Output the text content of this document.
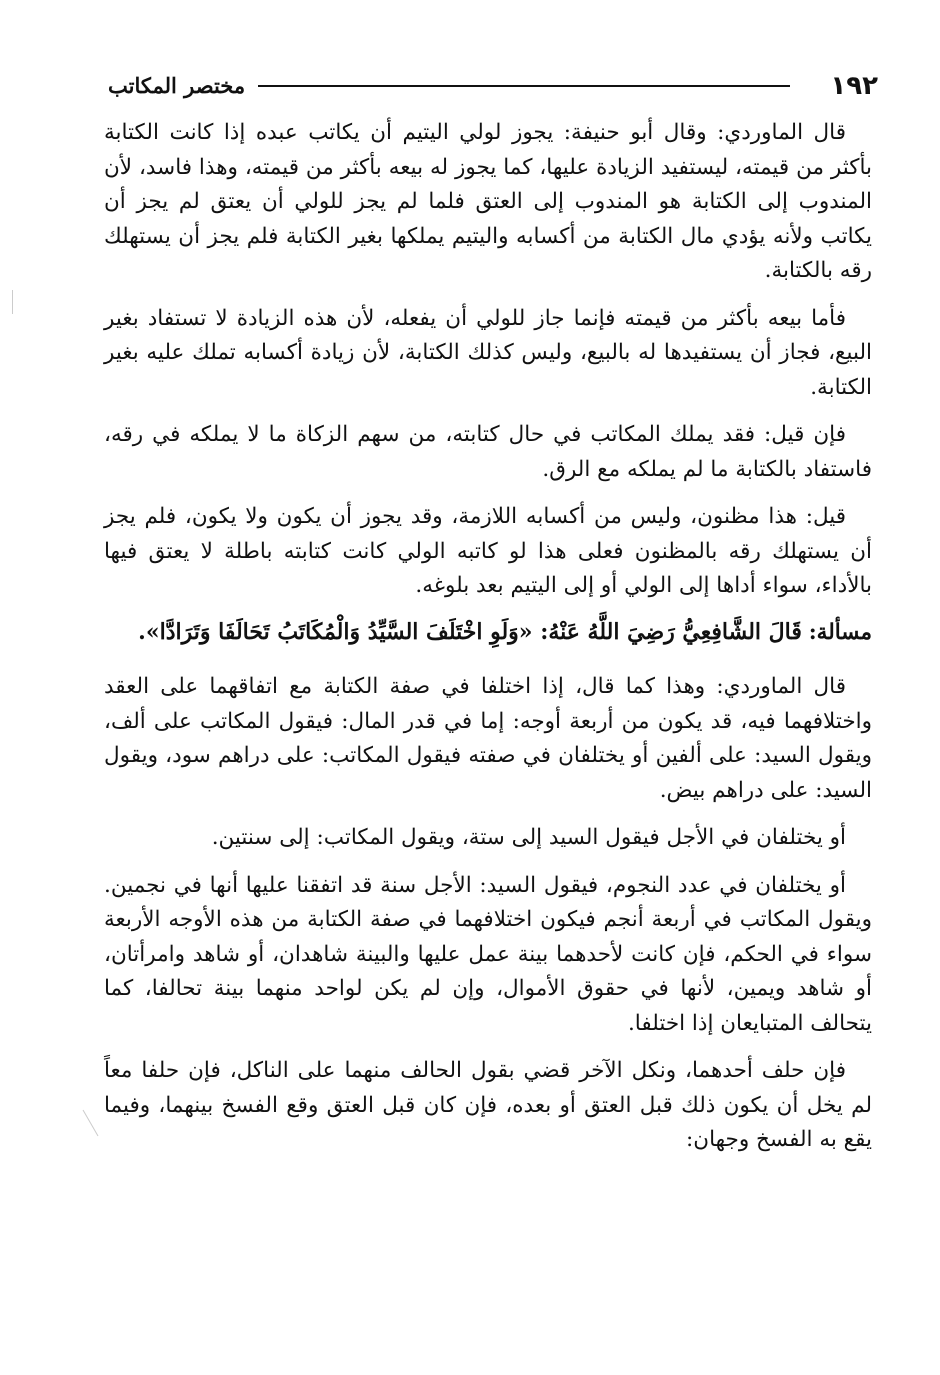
١٩٢
مختصر المكاتب

قال الماوردي: وقال أبو حنيفة: يجوز لولي اليتيم أن يكاتب عبده إذا كانت الكتابة بأكثر من قيمته، ليستفيد الزيادة عليها، كما يجوز له بيعه بأكثر من قيمته، وهذا فاسد، لأن المندوب إلى الكتابة هو المندوب إلى العتق فلما لم يجز للولي أن يعتق لم يجز أن يكاتب ولأنه يؤدي مال الكتابة من أكسابه واليتيم يملكها بغير الكتابة فلم يجز أن يستهلك رقه بالكتابة.

فأما بيعه بأكثر من قيمته فإنما جاز للولي أن يفعله، لأن هذه الزيادة لا تستفاد بغير البيع، فجاز أن يستفيدها له بالبيع، وليس كذلك الكتابة، لأن زيادة أكسابه تملك عليه بغير الكتابة.

فإن قيل: فقد يملك المكاتب في حال كتابته، من سهم الزكاة ما لا يملكه في رقه، فاستفاد بالكتابة ما لم يملكه مع الرق.

قيل: هذا مظنون، وليس من أكسابه اللازمة، وقد يجوز أن يكون ولا يكون، فلم يجز أن يستهلك رقه بالمظنون فعلى هذا لو كاتبه الولي كانت كتابته باطلة لا يعتق فيها بالأداء، سواء أداها إلى الولي أو إلى اليتيم بعد بلوغه.

مسألة: قَالَ الشَّافِعِيُّ رَضِيَ اللَّهُ عَنْهُ: «وَلَوِ اخْتَلَفَ السَّيِّدُ وَالْمُكَاتَبُ تَحَالَفَا وَتَرَادَّا».

قال الماوردي: وهذا كما قال، إذا اختلفا في صفة الكتابة مع اتفاقهما على العقد واختلافهما فيه، قد يكون من أربعة أوجه: إما في قدر المال: فيقول المكاتب على ألف، ويقول السيد: على ألفين أو يختلفان في صفته فيقول المكاتب: على دراهم سود، ويقول السيد: على دراهم بيض.

أو يختلفان في الأجل فيقول السيد إلى ستة، ويقول المكاتب: إلى سنتين.

أو يختلفان في عدد النجوم، فيقول السيد: الأجل سنة قد اتفقنا عليها أنها في نجمين. ويقول المكاتب في أربعة أنجم فيكون اختلافهما في صفة الكتابة من هذه الأوجه الأربعة سواء في الحكم، فإن كانت لأحدهما بينة عمل عليها والبينة شاهدان، أو شاهد وامرأتان، أو شاهد ويمين، لأنها في حقوق الأموال، وإن لم يكن لواحد منهما بينة تحالفا، كما يتحالف المتبايعان إذا اختلفا.

فإن حلف أحدهما، ونكل الآخر قضي بقول الحالف منهما على الناكل، فإن حلفا معاً لم يخل أن يكون ذلك قبل العتق أو بعده، فإن كان قبل العتق وقع الفسخ بينهما، وفيما يقع به الفسخ وجهان:
